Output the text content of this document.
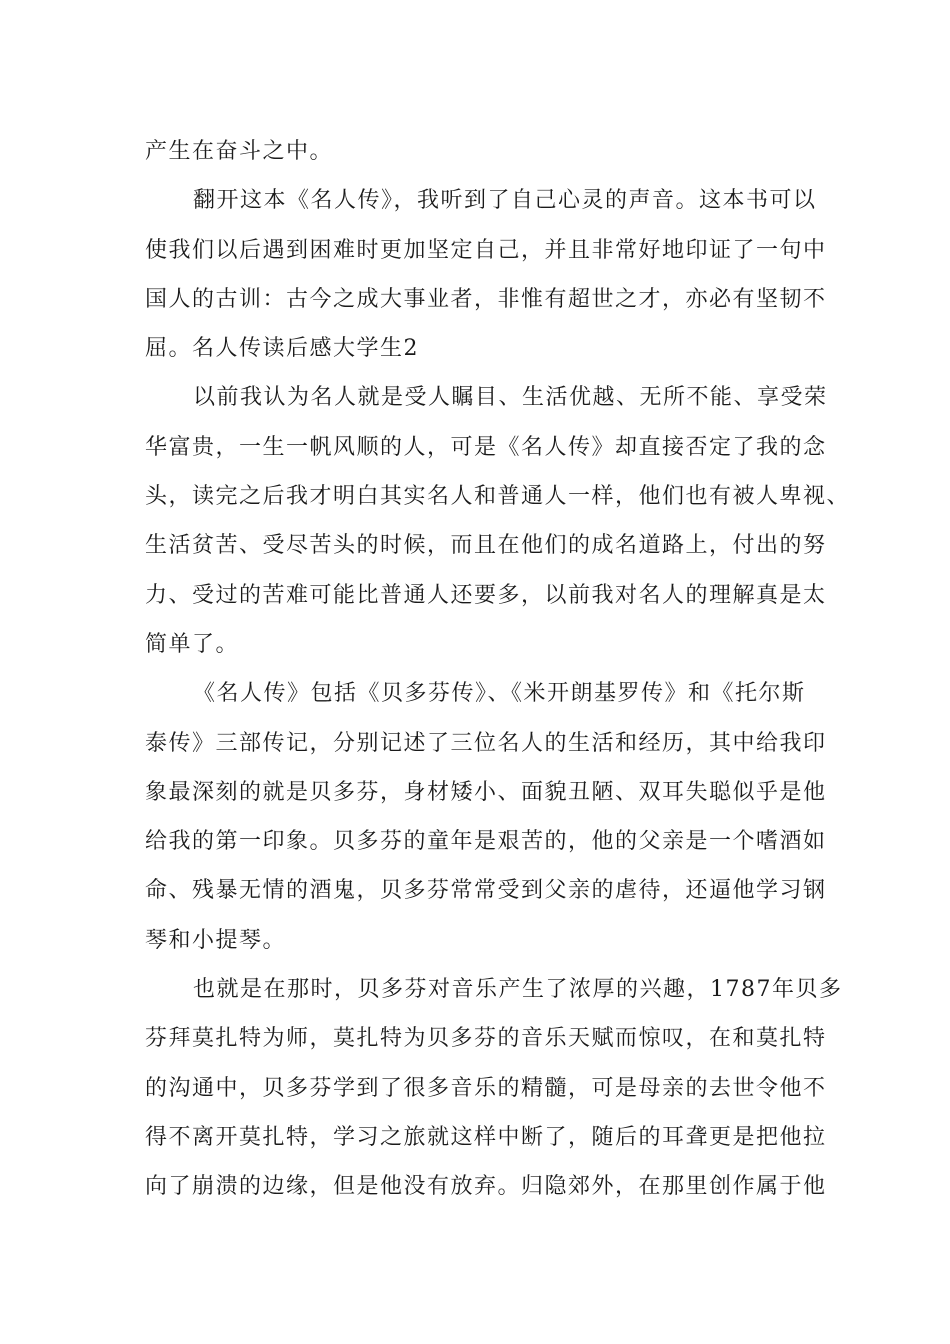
产生在奋斗之中。
翻开这本《名人传》，我听到了自己心灵的声音。这本书可以
使我们以后遇到困难时更加坚定自己，并且非常好地印证了一句中
国人的古训：古今之成大事业者，非惟有超世之才，亦必有坚韧不
屈。名人传读后感大学生2
以前我认为名人就是受人瞩目、生活优越、无所不能、享受荣
华富贵，一生一帆风顺的人，可是《名人传》却直接否定了我的念
头，读完之后我才明白其实名人和普通人一样，他们也有被人卑视、
生活贫苦、受尽苦头的时候，而且在他们的成名道路上，付出的努
力、受过的苦难可能比普通人还要多，以前我对名人的理解真是太
简单了。
《名人传》包括《贝多芬传》、《米开朗基罗传》和《托尔斯
泰传》三部传记，分别记述了三位名人的生活和经历，其中给我印
象最深刻的就是贝多芬，身材矮小、面貌丑陋、双耳失聪似乎是他
给我的第一印象。贝多芬的童年是艰苦的，他的父亲是一个嗜酒如
命、残暴无情的酒鬼，贝多芬常常受到父亲的虐待，还逼他学习钢
琴和小提琴。
也就是在那时，贝多芬对音乐产生了浓厚的兴趣，1787年贝多
芬拜莫扎特为师，莫扎特为贝多芬的音乐天赋而惊叹，在和莫扎特
的沟通中，贝多芬学到了很多音乐的精髓，可是母亲的去世令他不
得不离开莫扎特，学习之旅就这样中断了，随后的耳聋更是把他拉
向了崩溃的边缘，但是他没有放弃。归隐郊外，在那里创作属于他
